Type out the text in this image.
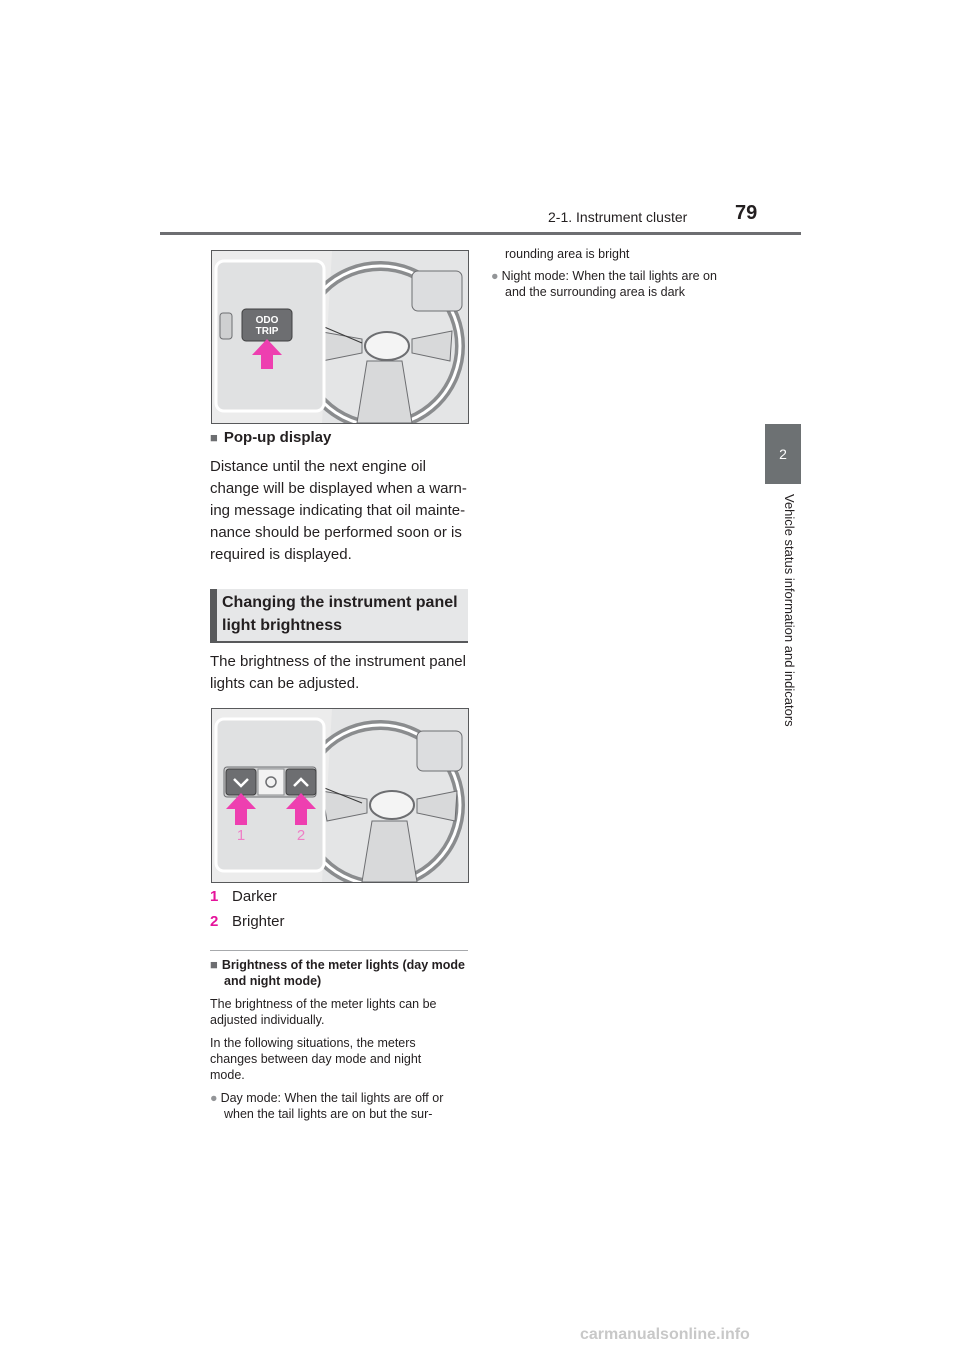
2-1. Instrument cluster 79
2
Vehicle status information and indicators
ODO
TRIP
■ Pop-up display
Distance until the next engine oil
change will be displayed when a warn-
ing message indicating that oil mainte-
nance should be performed soon or is
required is displayed.
Changing the instrument panel
light brightness
The brightness of the instrument panel
lights can be adjusted.
1	2
1 Darker
2 Brighter
■ Brightness of the meter lights (day mode
and night mode)
The brightness of the meter lights can be
adjusted individually.
In the following situations, the meters
changes between day mode and night
mode.
● Day mode: When the tail lights are off or
when the tail lights are on but the sur-
rounding area is bright
● Night mode: When the tail lights are on
and the surrounding area is dark
carmanualsonline.info
